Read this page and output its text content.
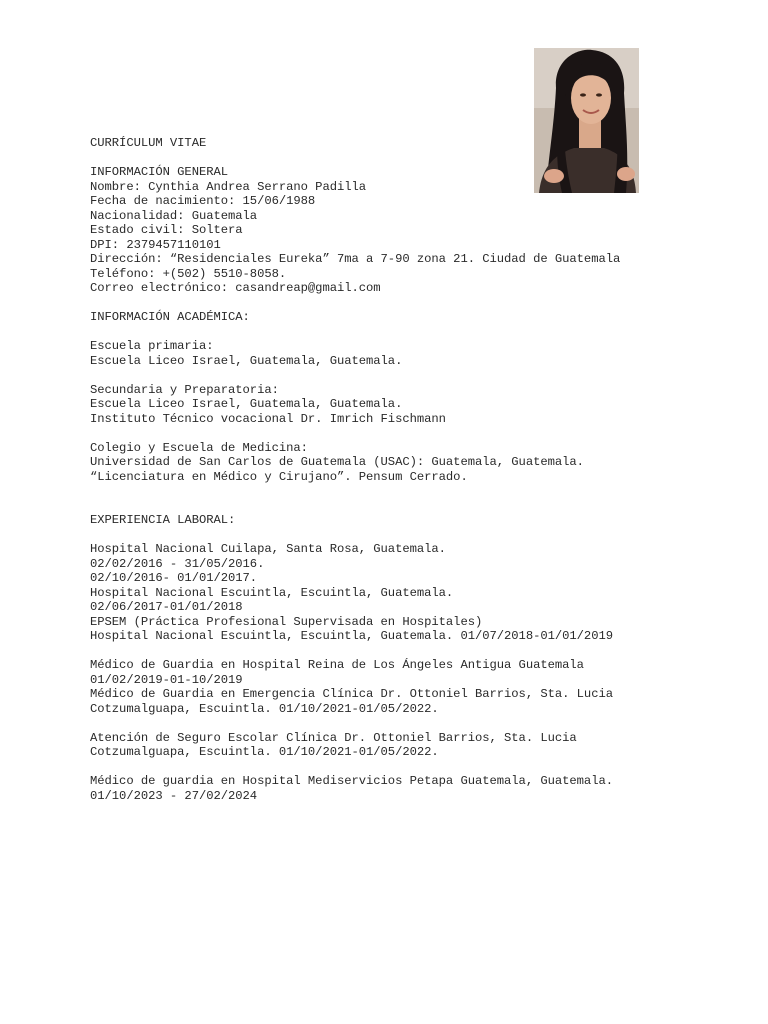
CURRÍCULUM VITAE
INFORMACIÓN GENERAL
Nombre: Cynthia Andrea Serrano Padilla
Fecha de nacimiento: 15/06/1988
Nacionalidad: Guatemala
Estado civil: Soltera
DPI: 2379457110101
Dirección: “Residenciales Eureka” 7ma a 7-90 zona 21. Ciudad de Guatemala
Teléfono: +(502) 5510-8058.
Correo electrónico: casandreap@gmail.com
INFORMACIÓN ACADÉMICA:
Escuela primaria:
Escuela Liceo Israel, Guatemala, Guatemala.
Secundaria y Preparatoria:
Escuela Liceo Israel, Guatemala, Guatemala.
Instituto Técnico vocacional Dr. Imrich Fischmann
Colegio y Escuela de Medicina:
Universidad de San Carlos de Guatemala (USAC): Guatemala, Guatemala.
“Licenciatura en Médico y Cirujano”. Pensum Cerrado.
EXPERIENCIA LABORAL:
Hospital Nacional Cuilapa, Santa Rosa, Guatemala.
02/02/2016 - 31/05/2016.
02/10/2016- 01/01/2017.
Hospital Nacional Escuintla, Escuintla, Guatemala.
02/06/2017-01/01/2018
EPSEM (Práctica Profesional Supervisada en Hospitales)
Hospital Nacional Escuintla, Escuintla, Guatemala. 01/07/2018-01/01/2019
Médico de Guardia en Hospital Reina de Los Ángeles Antigua Guatemala
01/02/2019-01-10/2019
Médico de Guardia en Emergencia Clínica Dr. Ottoniel Barrios, Sta. Lucia
Cotzumalguapa, Escuintla. 01/10/2021-01/05/2022.
Atención de Seguro Escolar Clínica Dr. Ottoniel Barrios, Sta. Lucia
Cotzumalguapa, Escuintla. 01/10/2021-01/05/2022.
Médico de guardia en Hospital Mediservicios Petapa Guatemala, Guatemala.
01/10/2023 - 27/02/2024
